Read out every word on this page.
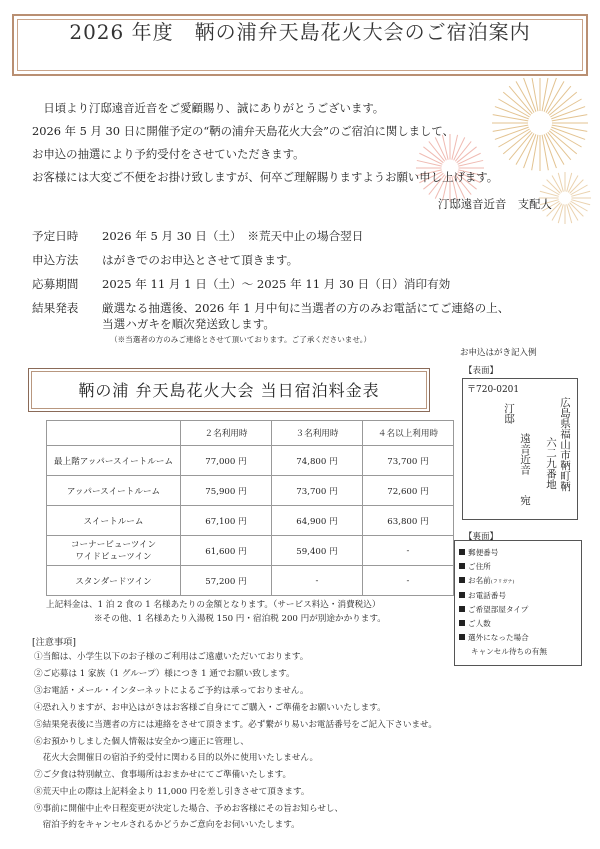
2026 年度　鞆の浦弁天島花火大会のご宿泊案内
　日頃より汀邸遠音近音をご愛顧賜り、誠にありがとうございます。
2026 年 5 月 30 日に開催予定の“鞆の浦弁天島花火大会”のご宿泊に関しまして、
お申込の抽選により予約受付をさせていただきます。
お客様には大変ご不便をお掛け致しますが、何卒ご理解賜りますようお願い申し上げます。
汀邸遠音近音　支配人
予定日時 2026 年 5 月 30 日（土）　※荒天中止の場合翌日
申込方法 はがきでのお申込とさせて頂きます。
応募期間 2025 年 11 月 1 日（土）〜 2025 年 11 月 30 日（日）消印有効
結果発表 厳選なる抽選後、2026 年 1 月中旬に当選者の方のみお電話にてご連絡の上、
当選ハガキを順次発送致します。
（※当選者の方のみご連絡とさせて頂いております。ご了承くださいませ。）
お申込はがき記入例
【表面】
〒720-0201
広島県福山市鞆町鞆
六二九番地
汀邸
遠音近音
宛
【裏面】
郵便番号
ご住所
お名前(フリガナ)
お電話番号
ご希望部屋タイプ
ご人数
選外になった場合
キャンセル待ちの有無
鞆の浦 弁天島花火大会 当日宿泊料金表
	２名利用時	３名利用時	４名以上利用時
最上階アッパースイートルーム	77,000 円	74,800 円	73,700 円
アッパースイートルーム	75,900 円	73,700 円	72,600 円
スイートルーム	67,100 円	64,900 円	63,800 円
コーナービューツイン
ワイドビューツイン	61,600 円	59,400 円	-
スタンダードツイン	57,200 円	-	-
上記料金は、1 泊 2 食の 1 名様あたりの金額となります。（サービス料込・消費税込）
※その他、1 名様あたり入湯税 150 円・宿泊税 200 円が別途かかります。
[注意事項]
①当館は、小学生以下のお子様のご利用はご遠慮いただいております。
②ご応募は 1 家族（1 グループ）様につき 1 通でお願い致します。
③お電話・メール・インターネットによるご予約は承っておりません。
④恐れ入りますが、お申込はがきはお客様ご自身にてご購入・ご準備をお願いいたします。
⑤結果発表後に当選者の方には連絡をさせて頂きます。必ず繋がり易いお電話番号をご記入下さいませ。
⑥お預かりしました個人情報は安全かつ適正に管理し、
　花火大会開催日の宿泊予約受付に関わる目的以外に使用いたしません。
⑦ご夕食は特別献立、食事場所はおまかせにてご準備いたします。
⑧荒天中止の際は上記料金より 11,000 円を差し引きさせて頂きます。
⑨事前に開催中止や日程変更が決定した場合、予めお客様にその旨お知らせし、
　宿泊予約をキャンセルされるかどうかご意向をお伺いいたします。
